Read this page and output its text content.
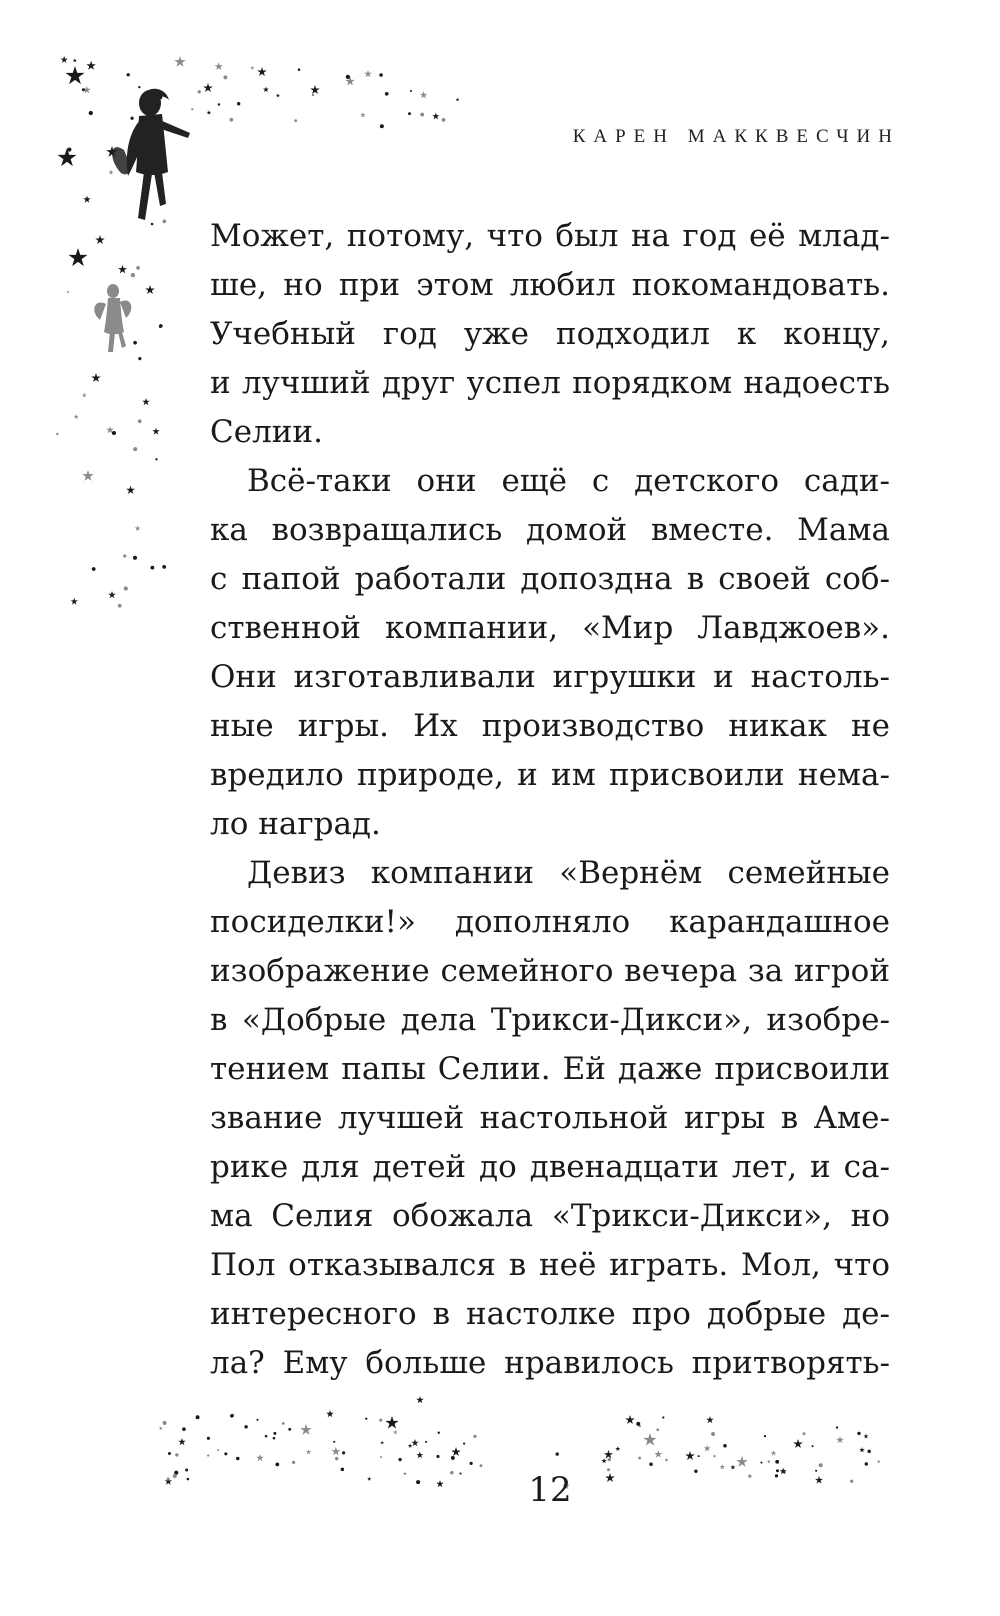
КАРЕН МАККВЕСЧИН

Может, потому, что был на год её млад-
ше, но при этом любил покомандовать.
Учебный год уже подходил к концу,
и лучший друг успел порядком надоесть
Селии.
Всё-таки они ещё с детского сади-
ка возвращались домой вместе. Мама
с папой работали допоздна в своей соб-
ственной компании, «Мир Лавджоев».
Они изготавливали игрушки и настоль-
ные игры. Их производство никак не
вредило природе, и им присвоили нема-
ло наград.
Девиз компании «Вернём семейные
посиделки!» дополняло карандашное
изображение семейного вечера за игрой
в «Добрые дела Трикси-Дикси», изобре-
тением папы Селии. Ей даже присвоили
звание лучшей настольной игры в Аме-
рике для детей до двенадцати лет, и са-
ма Селия обожала «Трикси-Дикси», но
Пол отказывался в неё играть. Мол, что
интересного в настолке про добрые де-
ла? Ему больше нравилось притворять-

12
